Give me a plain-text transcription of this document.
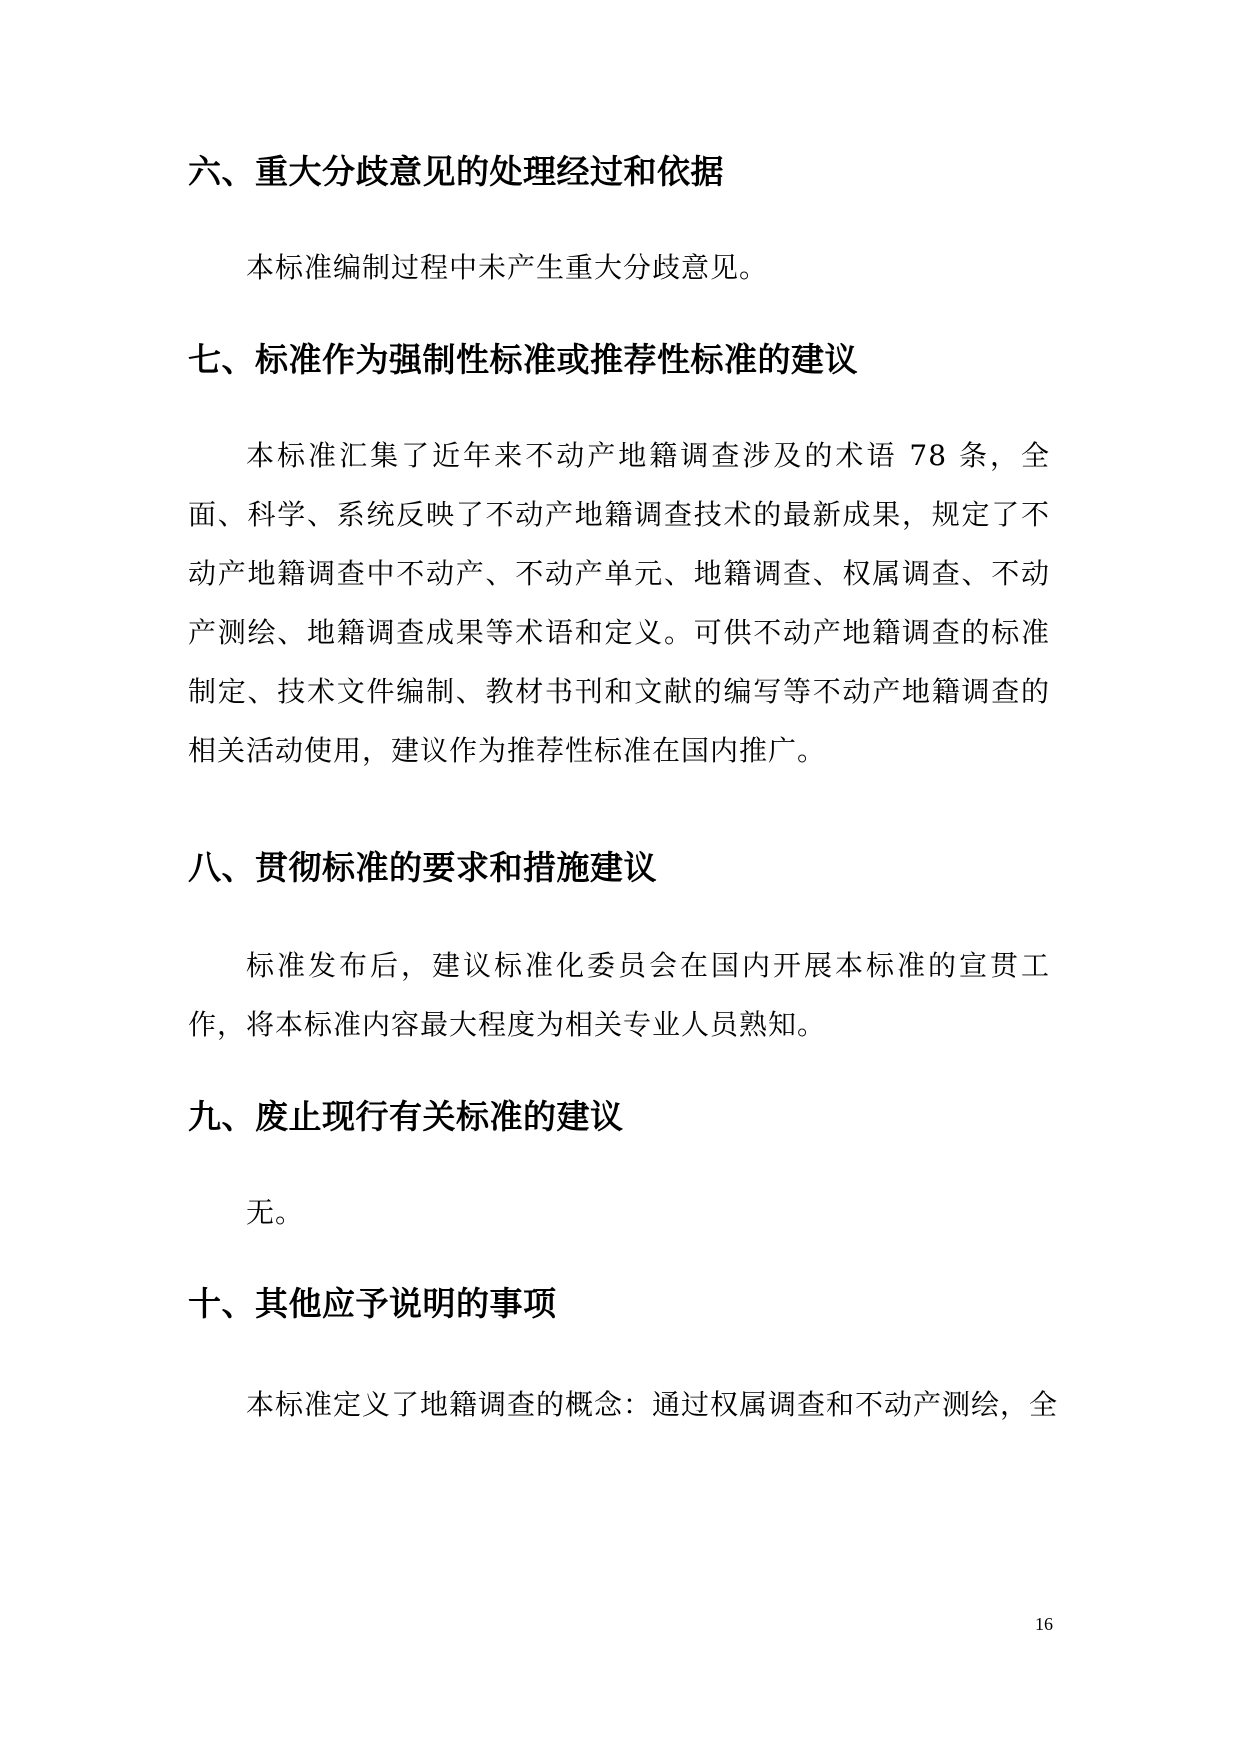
六、重大分歧意见的处理经过和依据
本标准编制过程中未产生重大分歧意见。
七、标准作为强制性标准或推荐性标准的建议
本标准汇集了近年来不动产地籍调查涉及的术语 78 条，全面、科学、系统反映了不动产地籍调查技术的最新成果，规定了不动产地籍调查中不动产、不动产单元、地籍调查、权属调查、不动产测绘、地籍调查成果等术语和定义。可供不动产地籍调查的标准制定、技术文件编制、教材书刊和文献的编写等不动产地籍调查的相关活动使用，建议作为推荐性标准在国内推广。
八、贯彻标准的要求和措施建议
标准发布后，建议标准化委员会在国内开展本标准的宣贯工作，将本标准内容最大程度为相关专业人员熟知。
九、废止现行有关标准的建议
无。
十、其他应予说明的事项
本标准定义了地籍调查的概念：通过权属调查和不动产测绘，全
16
